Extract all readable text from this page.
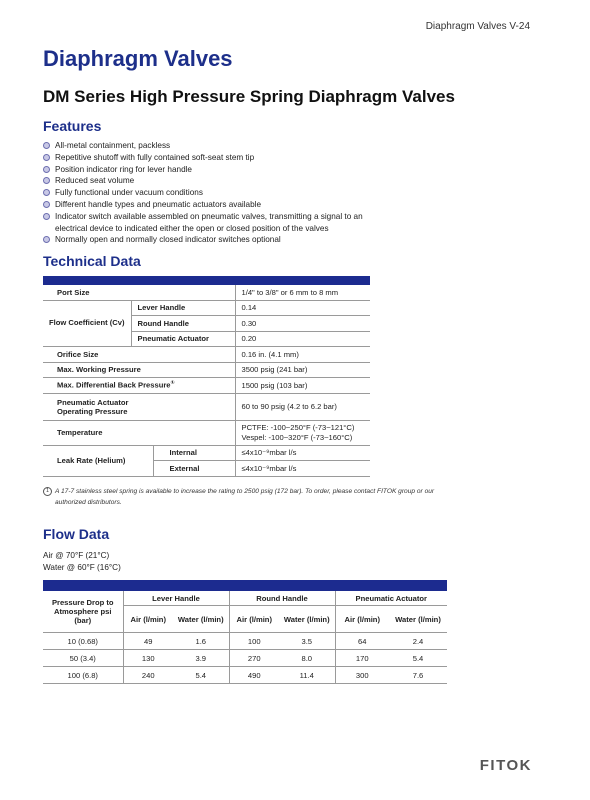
Diaphragm Valves V-24
Diaphragm Valves
DM Series High Pressure Spring Diaphragm Valves
Features
All-metal containment, packless
Repetitive shutoff with fully contained soft-seat stem tip
Position indicator ring for lever handle
Reduced seat volume
Fully functional under vacuum conditions
Different handle types and pneumatic actuators available
Indicator switch available assembled on pneumatic valves, transmitting a signal to an electrical device to indicated either the open or closed position of the valves
Normally open and normally closed indicator switches optional
Technical Data

Port Size			1/4" to 3/8" or 6 mm to 8 mm
Flow Coefficient (Cv)	Lever Handle		0.14
	Round Handle		0.30
	Pneumatic Actuator		0.20
Orifice Size			0.16 in. (4.1 mm)
Max. Working Pressure			3500 psig (241 bar)
Max. Differential Back Pressure①			1500 psig (103 bar)

Pneumatic Actuator Operating Pressure			60 to 90 psig (4.2 to 6.2 bar)
Temperature			PCTFE: -100~250°F (-73~121°C)
Vespel: -100~320°F (-73~160°C)

Leak Rate (Helium)		Internal	≤4x10⁻⁹mbar l/s
		External	≤4x10⁻⁹mbar l/s
1 A 17-7 stainless steel spring is available to increase the rating to 2500 psig (172 bar). To order, please contact FITOK group or our authorized distributors.
Flow Data
Air @ 70°F (21°C)
Water @ 60°F (16°C)

Pressure Drop to Atmosphere psi (bar)	Lever Handle		Round Handle		Pneumatic Actuator	
	Air (l/min)	Water (l/min)	Air (l/min)	Water (l/min)	Air (l/min)	Water (l/min)
10 (0.68)	49	1.6	100	3.5	64	2.4
50 (3.4)	130	3.9	270	8.0	170	5.4
100 (6.8)	240	5.4	490	11.4	300	7.6
FITOK
